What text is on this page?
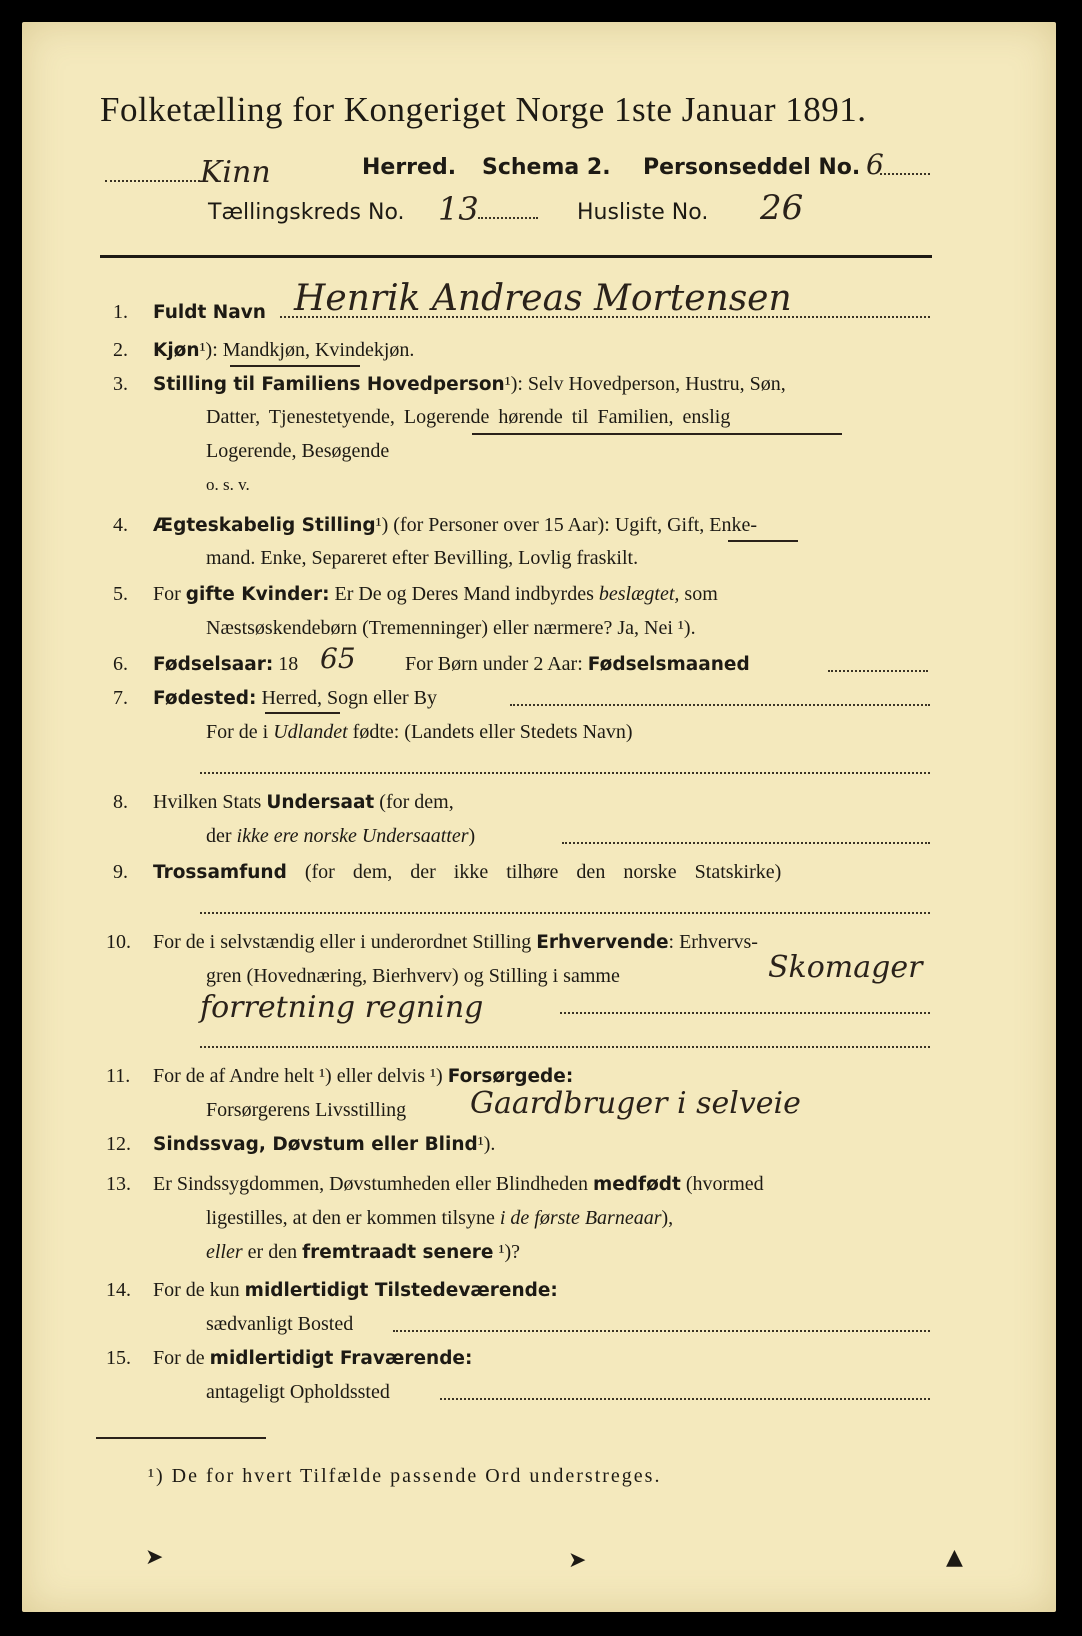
Folketælling for Kongeriget Norge 1ste Januar 1891.
Kinn	Herred. Schema 2. Personseddel No. 6
Tællingskreds No. 13	Husliste No. 26
1. Fuldt Navn Henrik Andreas Mortensen
2. Kjøn¹): Mandkjøn, Kvindekjøn.
3. Stilling til Familiens Hovedperson¹): Selv Hovedperson, Hustru, Søn,
Datter, Tjenestetyende, Logerende hørende til Familien, enslig
Logerende, Besøgende
o. s. v.
4. Ægteskabelig Stilling¹) (for Personer over 15 Aar): Ugift, Gift, Enke-
mand. Enke, Separeret efter Bevilling, Lovlig fraskilt.
5. For gifte Kvinder: Er De og Deres Mand indbyrdes beslægtet, som
Næstsøskendebørn (Tremenninger) eller nærmere? Ja, Nei ¹).
6. Fødselsaar: 18 65 For Børn under 2 Aar: Fødselsmaaned
7. Fødested: Herred, Sogn eller By
For de i Udlandet fødte: (Landets eller Stedets Navn)
8. Hvilken Stats Undersaat (for dem,
der ikke ere norske Undersaatter)
9. Trossamfund (for dem, der ikke tilhøre den norske Statskirke)
10. For de i selvstændig eller i underordnet Stilling Erhvervende: Erhvervs-
gren (Hovednæring, Bierhverv) og Stilling i samme	Skomager
forretning regning
11. For de af Andre helt ¹) eller delvis ¹) Forsørgede:
Forsørgerens Livsstilling Gaardbruger i selveie
12. Sindssvag, Døvstum eller Blind¹).
13. Er Sindssygdommen, Døvstumheden eller Blindheden medfødt (hvormed
ligestilles, at den er kommen tilsyne i de første Barneaar),
eller er den fremtraadt senere ¹)?
14. For de kun midlertidigt Tilstedeværende:
sædvanligt Bosted
15. For de midlertidigt Fraværende:
antageligt Opholdssted
¹) De for hvert Tilfælde passende Ord understreges.
➤	➤	▲
